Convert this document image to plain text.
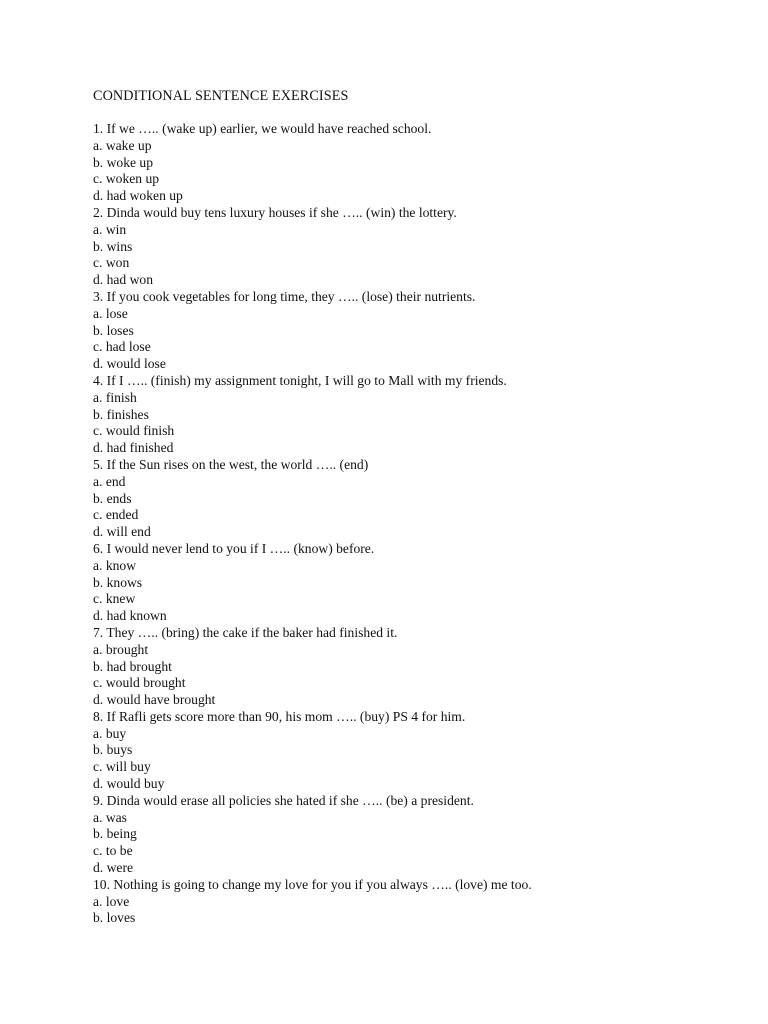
CONDITIONAL SENTENCE EXERCISES
1. If we ….. (wake up) earlier, we would have reached school.
a. wake up
b. woke up
c. woken up
d. had woken up
2. Dinda would buy tens luxury houses if she ….. (win) the lottery.
a. win
b. wins
c. won
d. had won
3. If you cook vegetables for long time, they ….. (lose) their nutrients.
a. lose
b. loses
c. had lose
d. would lose
4. If I ….. (finish) my assignment tonight, I will go to Mall with my friends.
a. finish
b. finishes
c. would finish
d. had finished
5. If the Sun rises on the west, the world ….. (end)
a. end
b. ends
c. ended
d. will end
6. I would never lend to you if I ….. (know) before.
a. know
b. knows
c. knew
d. had known
7. They ….. (bring) the cake if the baker had finished it.
a. brought
b. had brought
c. would brought
d. would have brought
8. If Rafli gets score more than 90, his mom ….. (buy) PS 4 for him.
a. buy
b. buys
c. will buy
d. would buy
9. Dinda would erase all policies she hated if she ….. (be) a president.
a. was
b. being
c. to be
d. were
10. Nothing is going to change my love for you if you always ….. (love) me too.
a. love
b. loves
